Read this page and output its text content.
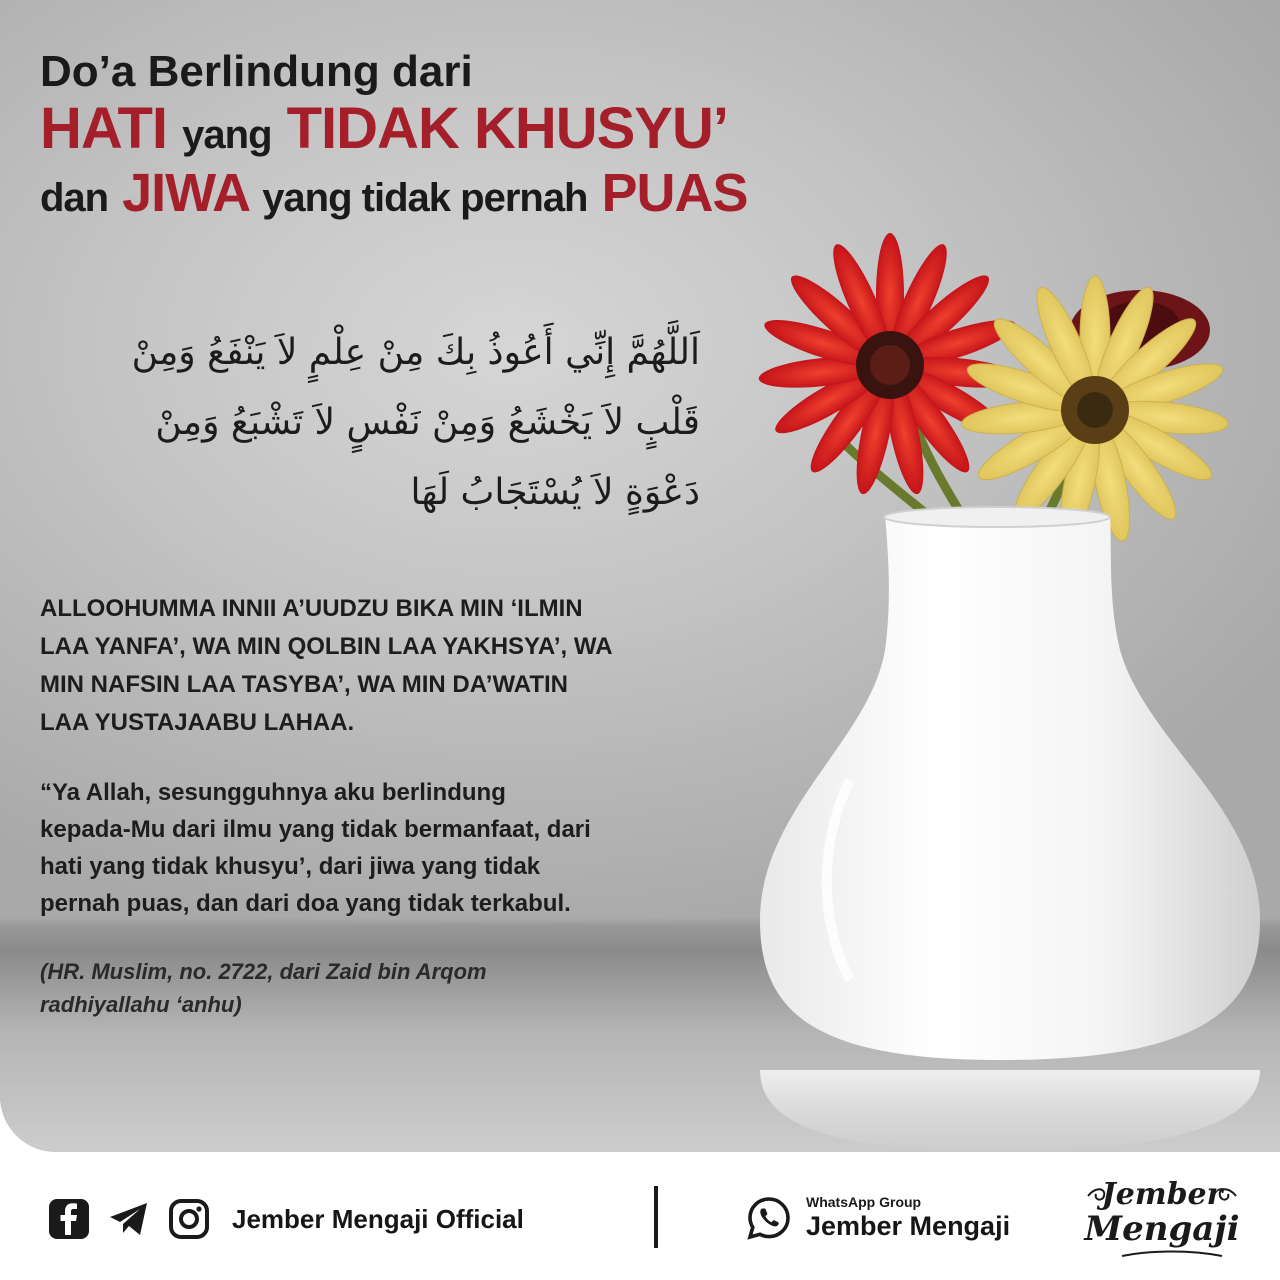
Do’a Berlindung dari
HATI yang TIDAK KHUSYU’
dan JIWA yang tidak pernah PUAS
اَللَّهُمَّ إِنِّي أَعُوذُ بِكَ مِنْ عِلْمٍ لاَ يَنْفَعُ وَمِنْ
قَلْبٍ لاَ يَخْشَعُ وَمِنْ نَفْسٍ لاَ تَشْبَعُ وَمِنْ
دَعْوَةٍ لاَ يُسْتَجَابُ لَهَا
ALLOOHUMMA INNII A’UUDZU BIKA MIN ‘ILMIN
LAA YANFA’, WA MIN QOLBIN LAA YAKHSYA’, WA
MIN NAFSIN LAA TASYBA’, WA MIN DA’WATIN
LAA YUSTAJAABU LAHAA.
“Ya Allah, sesungguhnya aku berlindung
kepada-Mu dari ilmu yang tidak bermanfaat, dari
hati yang tidak khusyu’, dari jiwa yang tidak
pernah puas, dan dari doa yang tidak terkabul.
(HR. Muslim, no. 2722, dari Zaid bin Arqom
radhiyallahu ‘anhu)
Jember Mengaji Official
WhatsApp Group
Jember Mengaji
Jember
Mengaji
